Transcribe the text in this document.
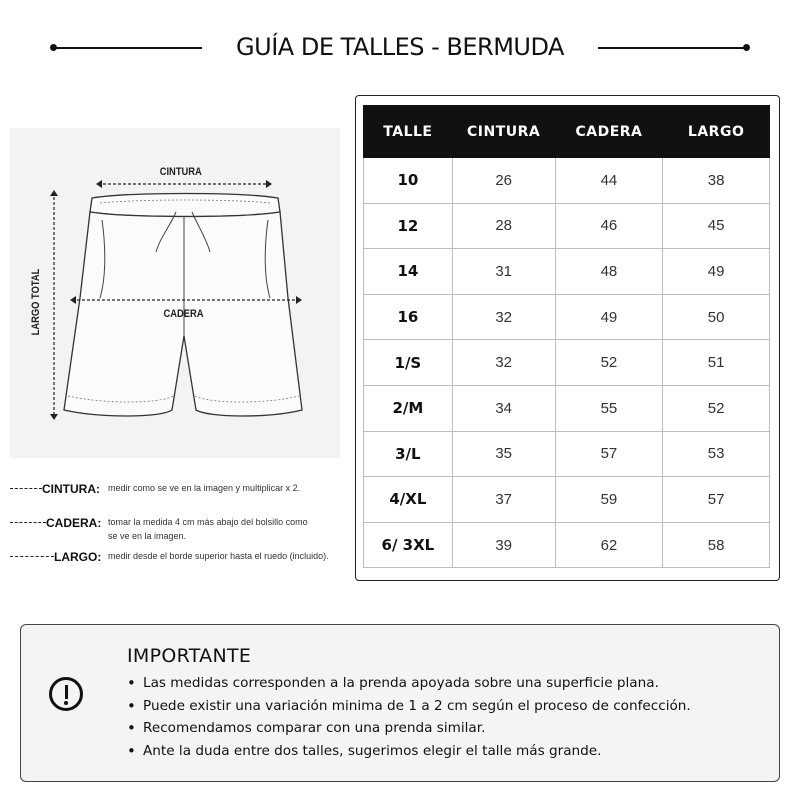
GUÍA DE TALLES - BERMUDA
CINTURA
CADERA
LARGO TOTAL
CINTURA: medir como se ve en la imagen y multiplicar x 2.
CADERA: tomar la medida 4 cm más abajo del bolsillo como se ve en la imagen.
LARGO: medir desde el borde superior hasta el ruedo (incluido).
TALLE	CINTURA	CADERA	LARGO
10	26	44	38
12	28	46	45
14	31	48	49
16	32	49	50
1/S	32	52	51
2/M	34	55	52
3/L	35	57	53
4/XL	37	59	57
6/ 3XL	39	62	58
IMPORTANTE
• Las medidas corresponden a la prenda apoyada sobre una superficie plana.
• Puede existir una variación minima de 1 a 2 cm según el proceso de confección.
• Recomendamos comparar con una prenda similar.
• Ante la duda entre dos talles, sugerimos elegir el talle más grande.
